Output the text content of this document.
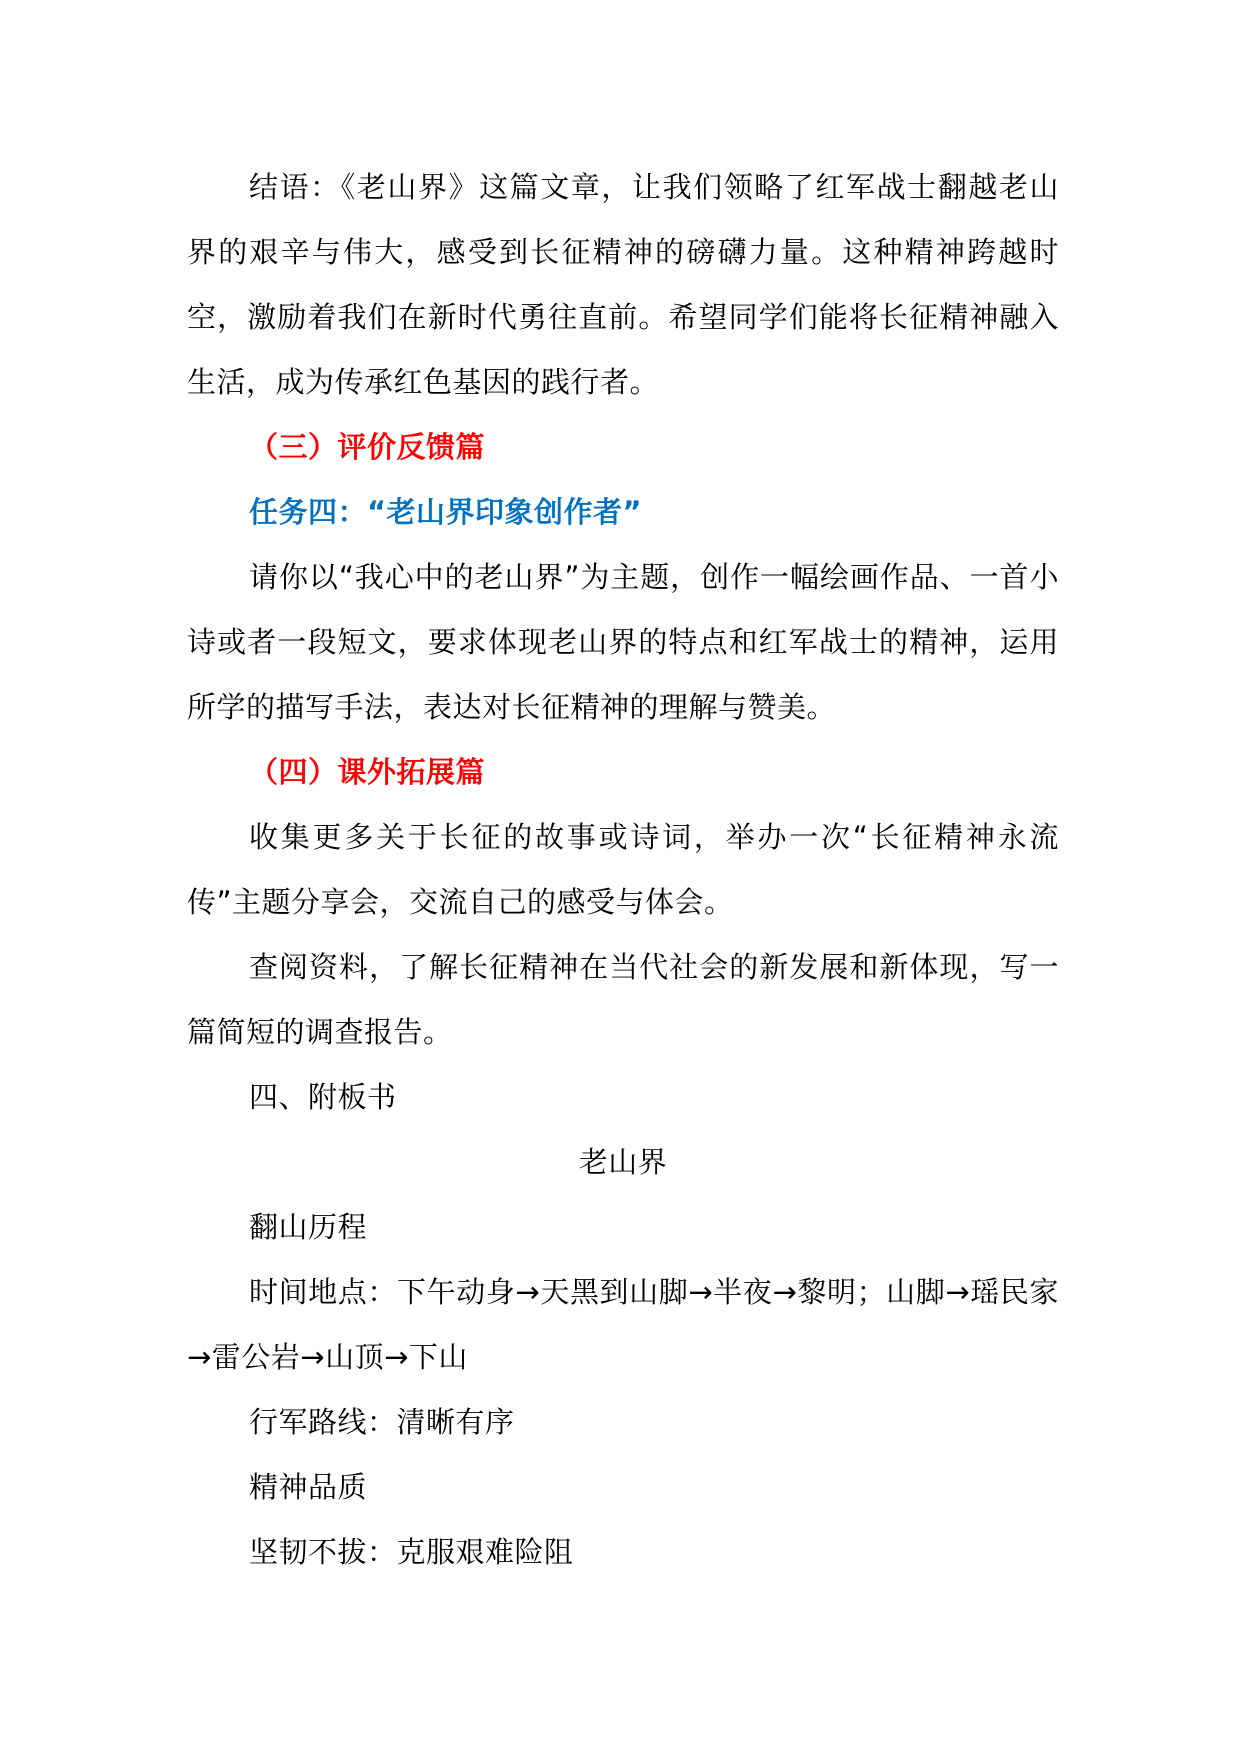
结语：《老山界》这篇文章，让我们领略了红军战士翻越老山界的艰辛与伟大，感受到长征精神的磅礴力量。这种精神跨越时空，激励着我们在新时代勇往直前。希望同学们能将长征精神融入生活，成为传承红色基因的践行者。

（三）评价反馈篇

任务四：“老山界印象创作者”

请你以“我心中的老山界”为主题，创作一幅绘画作品、一首小诗或者一段短文，要求体现老山界的特点和红军战士的精神，运用所学的描写手法，表达对长征精神的理解与赞美。

（四）课外拓展篇

收集更多关于长征的故事或诗词，举办一次“长征精神永流传”主题分享会，交流自己的感受与体会。

查阅资料，了解长征精神在当代社会的新发展和新体现，写一篇简短的调查报告。

四、附板书

老山界

翻山历程

时间地点：下午动身→天黑到山脚→半夜→黎明；山脚→瑶民家→雷公岩→山顶→下山

行军路线：清晰有序

精神品质

坚韧不拔：克服艰难险阻
